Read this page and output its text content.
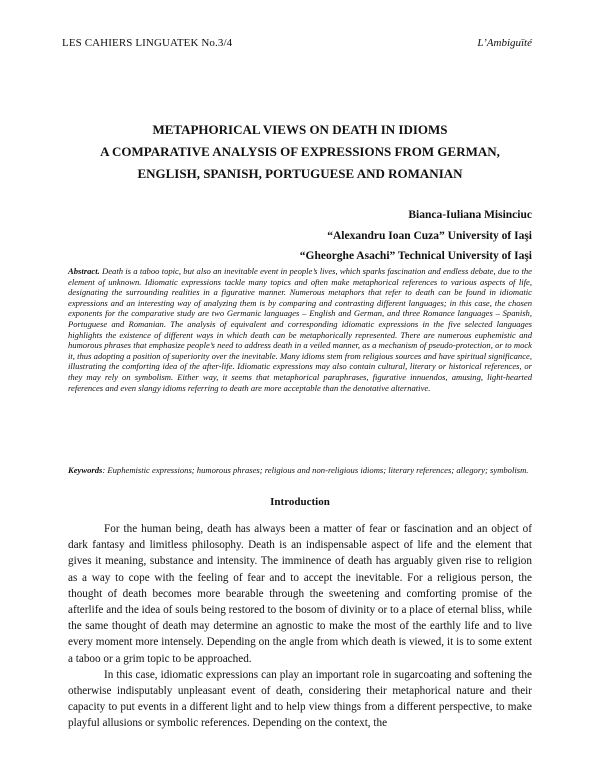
LES CAHIERS LINGUATEK No.3/4	L’Ambiguïté
METAPHORICAL VIEWS ON DEATH IN IDIOMS
A COMPARATIVE ANALYSIS OF EXPRESSIONS FROM GERMAN,
ENGLISH, SPANISH, PORTUGUESE AND ROMANIAN
Bianca-Iuliana Misinciuc
“Alexandru Ioan Cuza” University of Iaşi
“Gheorghe Asachi” Technical University of Iaşi
Abstract. Death is a taboo topic, but also an inevitable event in people’s lives, which sparks fascination and endless debate, due to the element of unknown. Idiomatic expressions tackle many topics and often make metaphorical references to various aspects of life, designating the surrounding realities in a figurative manner. Numerous metaphors that refer to death can be found in idiomatic expressions and an interesting way of analyzing them is by comparing and contrasting different languages; in this case, the chosen exponents for the comparative study are two Germanic languages – English and German, and three Romance languages – Spanish, Portuguese and Romanian. The analysis of equivalent and corresponding idiomatic expressions in the five selected languages highlights the existence of different ways in which death can be metaphorically represented. There are numerous euphemistic and humorous phrases that emphasize people’s need to address death in a veiled manner, as a mechanism of pseudo-protection, or to mock it, thus adopting a position of superiority over the inevitable. Many idioms stem from religious sources and have spiritual significance, illustrating the comforting idea of the after-life. Idiomatic expressions may also contain cultural, literary or historical references, or they may rely on symbolism. Either way, it seems that metaphorical paraphrases, figurative innuendos, amusing, light-hearted references and even slangy idioms referring to death are more acceptable than the denotative alternative.
Keywords: Euphemistic expressions; humorous phrases; religious and non-religious idioms; literary references; allegory; symbolism.
Introduction

For the human being, death has always been a matter of fear or fascination and an object of dark fantasy and limitless philosophy. Death is an indispensable aspect of life and the element that gives it meaning, substance and intensity. The imminence of death has arguably given rise to religion as a way to cope with the feeling of fear and to accept the inevitable. For a religious person, the thought of death becomes more bearable through the sweetening and comforting promise of the afterlife and the idea of souls being restored to the bosom of divinity or to a place of eternal bliss, while the same thought of death may determine an agnostic to make the most of the earthly life and to live every moment more intensely. Depending on the angle from which death is viewed, it is to some extent a taboo or a grim topic to be approached.

In this case, idiomatic expressions can play an important role in sugarcoating and softening the otherwise indisputably unpleasant event of death, considering their metaphorical nature and their capacity to put events in a different light and to help view things from a different perspective, to make playful allusions or symbolic references. Depending on the context, the
